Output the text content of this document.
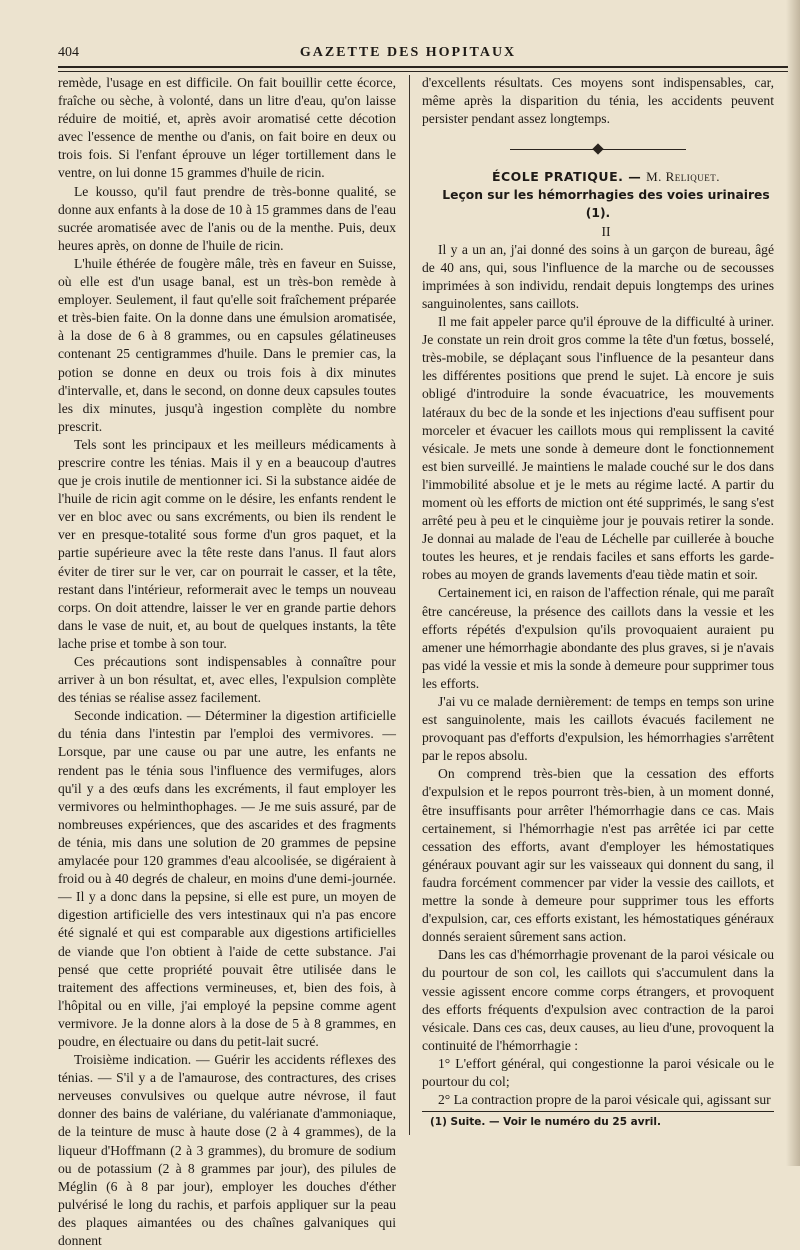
404	GAZETTE DES HOPITAUX

remède, l'usage en est difficile. On fait bouillir cette écorce, fraîche ou sèche, à volonté, dans un litre d'eau, qu'on laisse réduire de moitié, et, après avoir aromatisé cette décotion avec l'essence de menthe ou d'anis, on fait boire en deux ou trois fois. Si l'enfant éprouve un léger tortillement dans le ventre, on lui donne 15 grammes d'huile de ricin.

Le kousso, qu'il faut prendre de très-bonne qualité, se donne aux enfants à la dose de 10 à 15 grammes dans de l'eau sucrée aromatisée avec de l'anis ou de la menthe. Puis, deux heures après, on donne de l'huile de ricin.

L'huile éthérée de fougère mâle, très en faveur en Suisse, où elle est d'un usage banal, est un très-bon remède à employer. Seulement, il faut qu'elle soit fraîchement préparée et très-bien faite. On la donne dans une émulsion aromatisée, à la dose de 6 à 8 grammes, ou en capsules gélatineuses contenant 25 centigrammes d'huile. Dans le premier cas, la potion se donne en deux ou trois fois à dix minutes d'intervalle, et, dans le second, on donne deux capsules toutes les dix minutes, jusqu'à ingestion complète du nombre prescrit.

Tels sont les principaux et les meilleurs médicaments à prescrire contre les ténias. Mais il y en a beaucoup d'autres que je crois inutile de mentionner ici. Si la substance aidée de l'huile de ricin agit comme on le désire, les enfants rendent le ver en bloc avec ou sans excréments, ou bien ils rendent le ver en presque-totalité sous forme d'un gros paquet, et la partie supérieure avec la tête reste dans l'anus. Il faut alors éviter de tirer sur le ver, car on pourrait le casser, et la tête, restant dans l'intérieur, reformerait avec le temps un nouveau corps. On doit attendre, laisser le ver en grande partie dehors dans le vase de nuit, et, au bout de quelques instants, la tête lache prise et tombe à son tour.

Ces précautions sont indispensables à connaître pour arriver à un bon résultat, et, avec elles, l'expulsion complète des ténias se réalise assez facilement.

Seconde indication. — Déterminer la digestion artificielle du ténia dans l'intestin par l'emploi des vermivores. — Lorsque, par une cause ou par une autre, les enfants ne rendent pas le ténia sous l'influence des vermifuges, alors qu'il y a des œufs dans les excréments, il faut employer les vermivores ou helminthophages. — Je me suis assuré, par de nombreuses expériences, que des ascarides et des fragments de ténia, mis dans une solution de 20 grammes de pepsine amylacée pour 120 grammes d'eau alcoolisée, se digéraient à froid ou à 40 degrés de chaleur, en moins d'une demi-journée. — Il y a donc dans la pepsine, si elle est pure, un moyen de digestion artificielle des vers intestinaux qui n'a pas encore été signalé et qui est comparable aux digestions artificielles de viande que l'on obtient à l'aide de cette substance. J'ai pensé que cette propriété pouvait être utilisée dans le traitement des affections vermineuses, et, bien des fois, à l'hôpital ou en ville, j'ai employé la pepsine comme agent vermivore. Je la donne alors à la dose de 5 à 8 grammes, en poudre, en électuaire ou dans du petit-lait sucré.

Troisième indication. — Guérir les accidents réflexes des ténias. — S'il y a de l'amaurose, des contractures, des crises nerveuses convulsives ou quelque autre névrose, il faut donner des bains de valériane, du valérianate d'ammoniaque, de la teinture de musc à haute dose (2 à 4 grammes), de la liqueur d'Hoffmann (2 à 3 grammes), du bromure de sodium ou de potassium (2 à 8 grammes par jour), des pilules de Méglin (6 à 8 par jour), employer les douches d'éther pulvérisé le long du rachis, et parfois appliquer sur la peau des plaques aimantées ou des chaînes galvaniques qui donnent

d'excellents résultats. Ces moyens sont indispensables, car, même après la disparition du ténia, les accidents peuvent persister pendant assez longtemps.

ÉCOLE PRATIQUE. — M. Reliquet.

Leçon sur les hémorrhagies des voies urinaires (1).

II

Il y a un an, j'ai donné des soins à un garçon de bureau, âgé de 40 ans, qui, sous l'influence de la marche ou de secousses imprimées à son individu, rendait depuis longtemps des urines sanguinolentes, sans caillots.

Il me fait appeler parce qu'il éprouve de la difficulté à uriner. Je constate un rein droit gros comme la tête d'un fœtus, bosselé, très-mobile, se déplaçant sous l'influence de la pesanteur dans les différentes positions que prend le sujet. Là encore je suis obligé d'introduire la sonde évacuatrice, les mouvements latéraux du bec de la sonde et les injections d'eau suffisent pour morceler et évacuer les caillots mous qui remplissent la cavité vésicale. Je mets une sonde à demeure dont le fonctionnement est bien surveillé. Je maintiens le malade couché sur le dos dans l'immobilité absolue et je le mets au régime lacté. A partir du moment où les efforts de miction ont été supprimés, le sang s'est arrêté peu à peu et le cinquième jour je pouvais retirer la sonde. Je donnai au malade de l'eau de Léchelle par cuillerée à bouche toutes les heures, et je rendais faciles et sans efforts les garde-robes au moyen de grands lavements d'eau tiède matin et soir.

Certainement ici, en raison de l'affection rénale, qui me paraît être cancéreuse, la présence des caillots dans la vessie et les efforts répétés d'expulsion qu'ils provoquaient auraient pu amener une hémorrhagie abondante des plus graves, si je n'avais pas vidé la vessie et mis la sonde à demeure pour supprimer tous les efforts.

J'ai vu ce malade dernièrement: de temps en temps son urine est sanguinolente, mais les caillots évacués facilement ne provoquant pas d'efforts d'expulsion, les hémorrhagies s'arrêtent par le repos absolu.

On comprend très-bien que la cessation des efforts d'expulsion et le repos pourront très-bien, à un moment donné, être insuffisants pour arrêter l'hémorrhagie dans ce cas. Mais certainement, si l'hémorrhagie n'est pas arrêtée ici par cette cessation des efforts, avant d'employer les hémostatiques généraux pouvant agir sur les vaisseaux qui donnent du sang, il faudra forcément commencer par vider la vessie des caillots, et mettre la sonde à demeure pour supprimer tous les efforts d'expulsion, car, ces efforts existant, les hémostatiques généraux donnés seraient sûrement sans action.

Dans les cas d'hémorrhagie provenant de la paroi vésicale ou du pourtour de son col, les caillots qui s'accumulent dans la vessie agissent encore comme corps étrangers, et provoquent des efforts fréquents d'expulsion avec contraction de la paroi vésicale. Dans ces cas, deux causes, au lieu d'une, provoquent la continuité de l'hémorrhagie :

1° L'effort général, qui congestionne la paroi vésicale ou le pourtour du col;

2° La contraction propre de la paroi vésicale qui, agissant sur

(1) Suite. — Voir le numéro du 25 avril.
